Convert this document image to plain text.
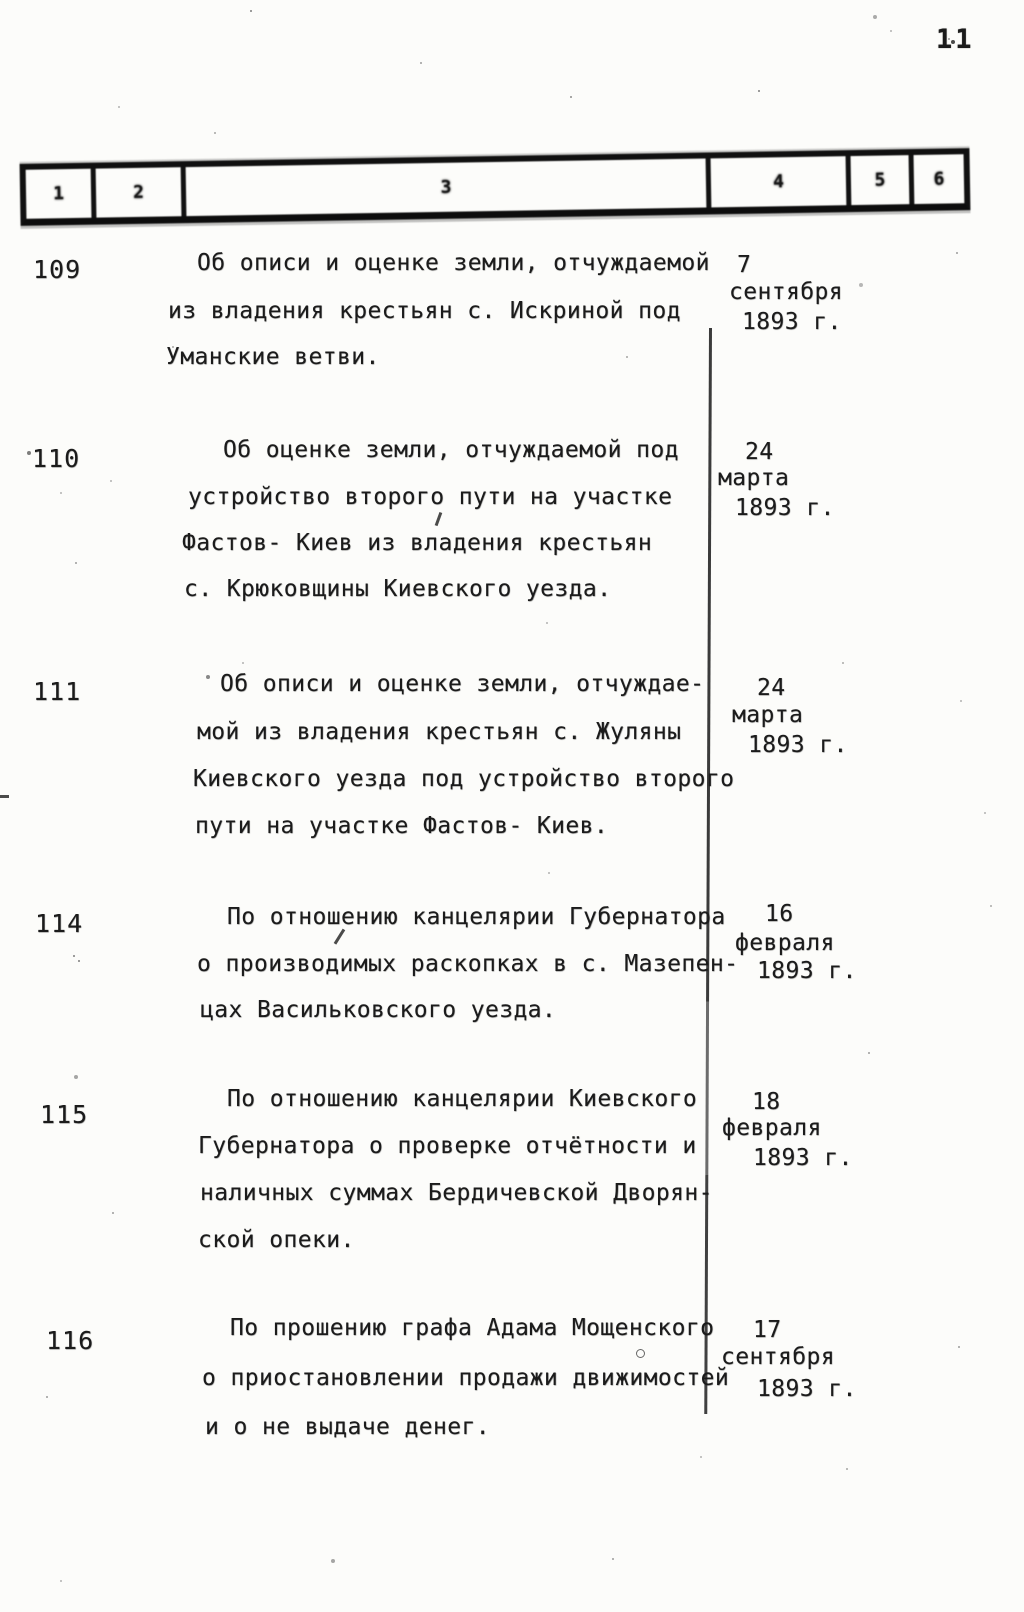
11
1	2	3	4	5	6
109	Об описи и оценке земли, отчуждаемой
из владения крестьян с. Искриной под
Уманские ветви.
7
сентября
1893 г.
110	Об оценке земли, отчуждаемой под
устройство второго пути на участке
Фастов- Киев из владения крестьян
с. Крюковщины Киевского уезда.
24
марта
1893 г.
111	Об описи и оценке земли, отчуждае-
мой из владения крестьян с. Жуляны
Киевского уезда под устройство второго
пути на участке Фастов- Киев.
24
марта
1893 г.
114	По отношению канцелярии Губернатора
о производимых раскопках в с. Мазепен-
цах Васильковского уезда.
16
февраля
1893 г.
115
По отношению канцелярии Киевского
Губернатора о проверке отчётности и
наличных суммах Бердичевской Дворян-
ской опеки.
18
февраля
1893 г.
116	По прошению графа Адама Мощенского
о приостановлении продажи движимостей
и о не выдаче денег.
17
сентября
1893 г.
